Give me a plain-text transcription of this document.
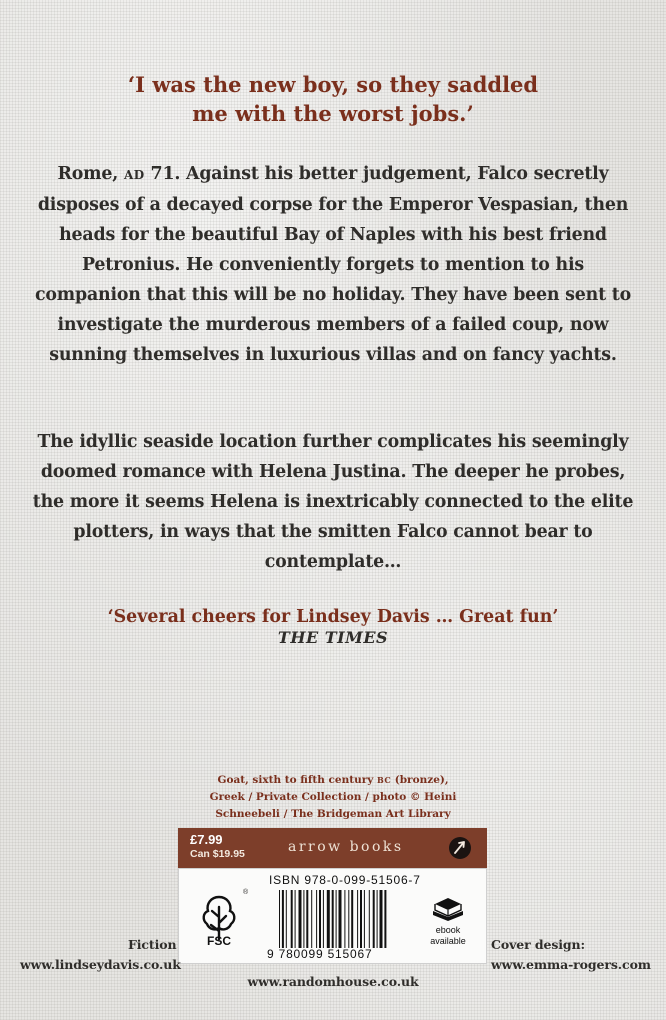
‘I was the new boy, so they saddled
me with the worst jobs.’
Rome, AD 71. Against his better judgement, Falco secretly disposes of a decayed corpse for the Emperor Vespasian, then heads for the beautiful Bay of Naples with his best friend Petronius. He conveniently forgets to mention to his companion that this will be no holiday. They have been sent to investigate the murderous members of a failed coup, now sunning themselves in luxurious villas and on fancy yachts.
The idyllic seaside location further complicates his seemingly doomed romance with Helena Justina. The deeper he probes, the more it seems Helena is inextricably connected to the elite plotters, in ways that the smitten Falco cannot bear to contemplate…
‘Several cheers for Lindsey Davis … Great fun’
THE TIMES
Goat, sixth to fifth century BC (bronze),
Greek / Private Collection / photo © Heini
Schneebeli / The Bridgeman Art Library
£7.99
Can $19.95	arrow books
®
FSC
ISBN 978-0-099-51506-7
9 780099 515067
ebook
available
Fiction
www.lindseydavis.co.uk
www.randomhouse.co.uk
Cover design:
www.emma-rogers.com
